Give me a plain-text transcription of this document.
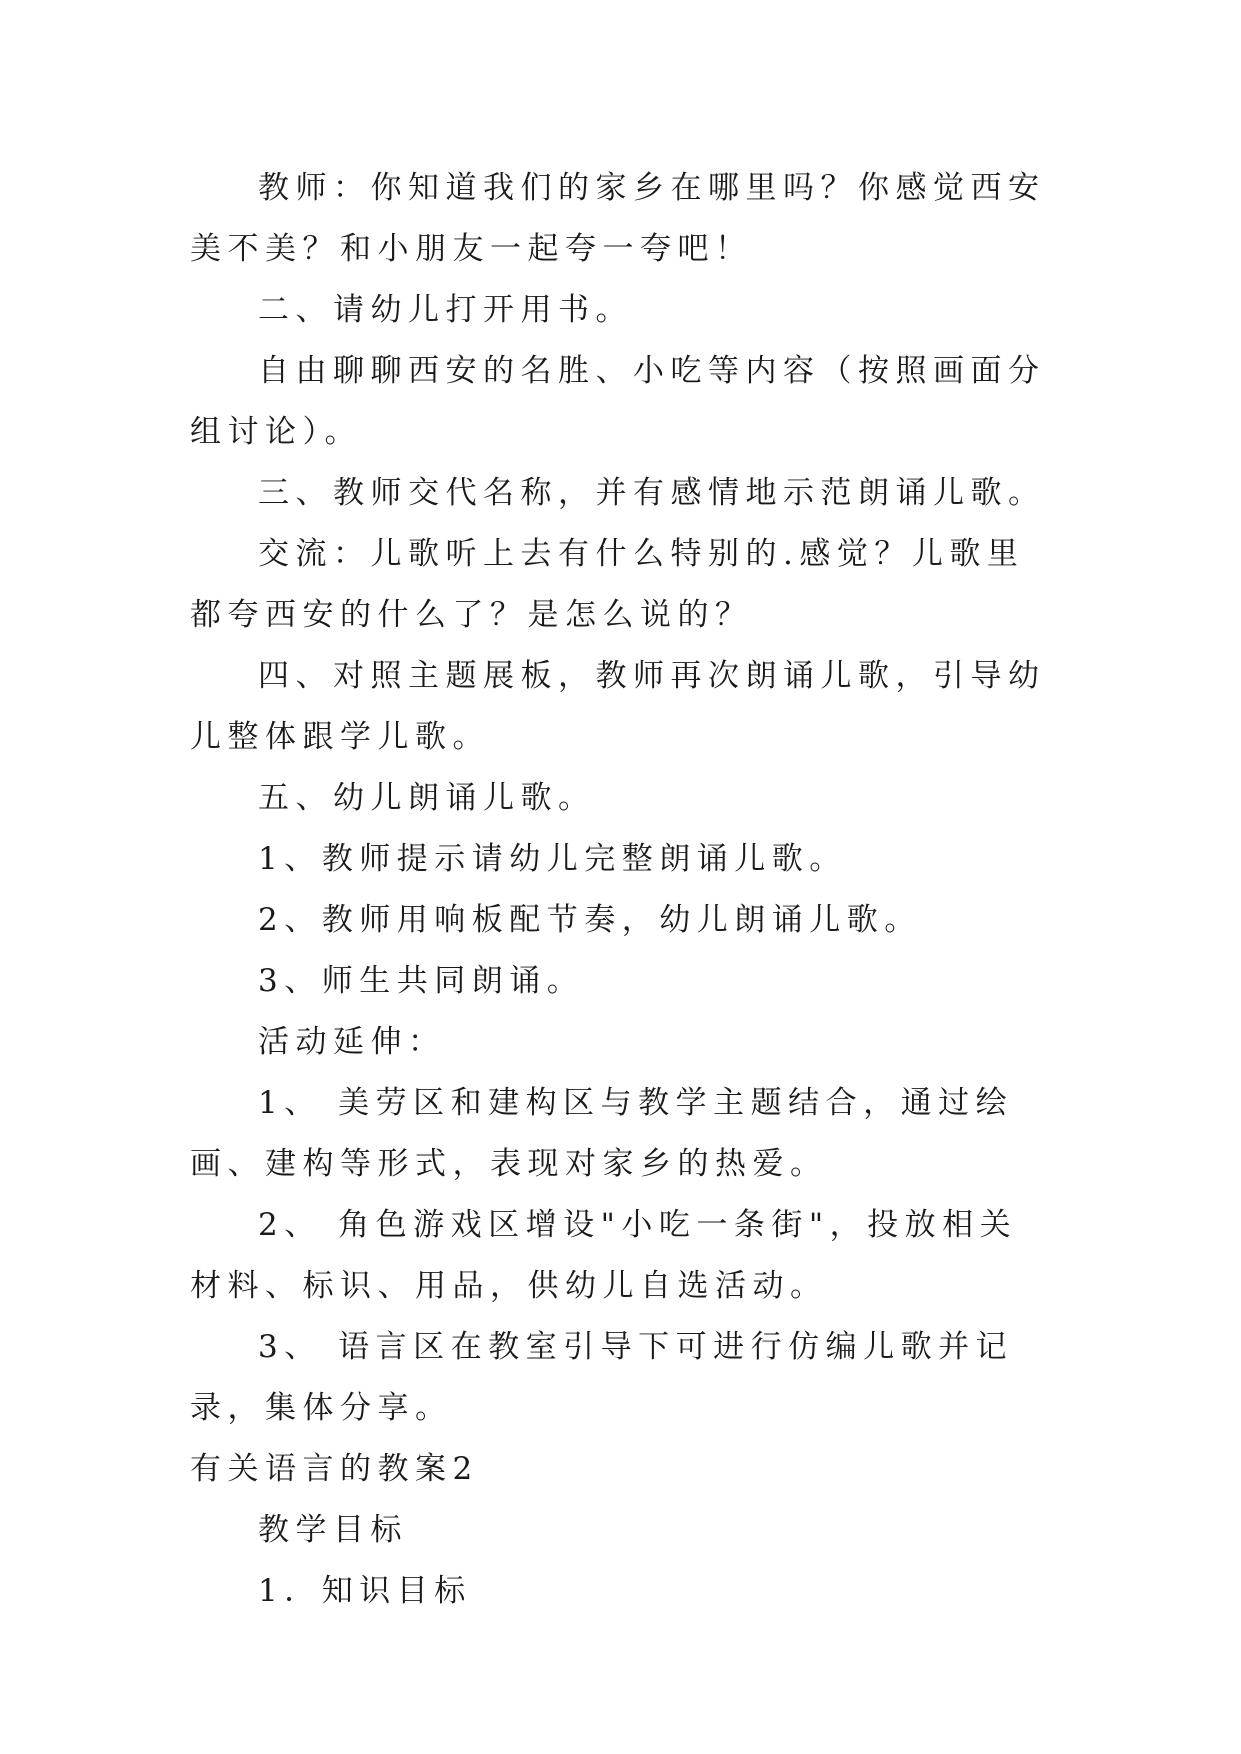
教师：你知道我们的家乡在哪里吗？你感觉西安美不美？和小朋友一起夸一夸吧！

二、请幼儿打开用书。

自由聊聊西安的名胜、小吃等内容（按照画面分组讨论）。

三、教师交代名称，并有感情地示范朗诵儿歌。

交流：儿歌听上去有什么特别的.感觉？儿歌里都夸西安的什么了？是怎么说的？

四、对照主题展板，教师再次朗诵儿歌，引导幼儿整体跟学儿歌。

五、幼儿朗诵儿歌。

1、教师提示请幼儿完整朗诵儿歌。

2、教师用响板配节奏，幼儿朗诵儿歌。

3、师生共同朗诵。

活动延伸：

1、 美劳区和建构区与教学主题结合，通过绘画、建构等形式，表现对家乡的热爱。

2、 角色游戏区增设"小吃一条街"，投放相关材料、标识、用品，供幼儿自选活动。

3、 语言区在教室引导下可进行仿编儿歌并记录，集体分享。

有关语言的教案2

教学目标

1．知识目标
